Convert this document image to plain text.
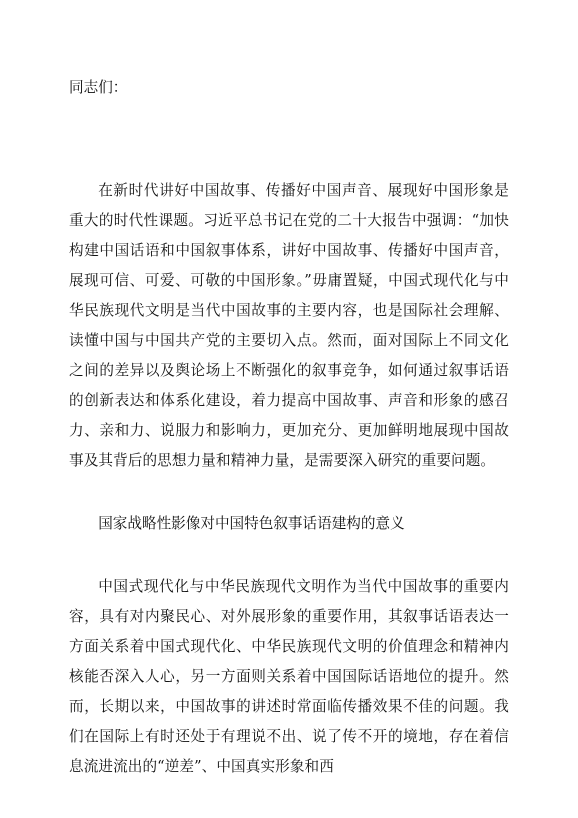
同志们：

在新时代讲好中国故事、传播好中国声音、展现好中国形象是重大的时代性课题。习近平总书记在党的二十大报告中强调：“加快构建中国话语和中国叙事体系，讲好中国故事、传播好中国声音，展现可信、可爱、可敬的中国形象。”毋庸置疑，中国式现代化与中华民族现代文明是当代中国故事的主要内容，也是国际社会理解、读懂中国与中国共产党的主要切入点。然而，面对国际上不同文化之间的差异以及舆论场上不断强化的叙事竞争，如何通过叙事话语的创新表达和体系化建设，着力提高中国故事、声音和形象的感召力、亲和力、说服力和影响力，更加充分、更加鲜明地展现中国故事及其背后的思想力量和精神力量，是需要深入研究的重要问题。

国家战略性影像对中国特色叙事话语建构的意义

中国式现代化与中华民族现代文明作为当代中国故事的重要内容，具有对内聚民心、对外展形象的重要作用，其叙事话语表达一方面关系着中国式现代化、中华民族现代文明的价值理念和精神内核能否深入人心，另一方面则关系着中国国际话语地位的提升。然而，长期以来，中国故事的讲述时常面临传播效果不佳的问题。我们在国际上有时还处于有理说不出、说了传不开的境地，存在着信息流进流出的“逆差”、中国真实形象和西
